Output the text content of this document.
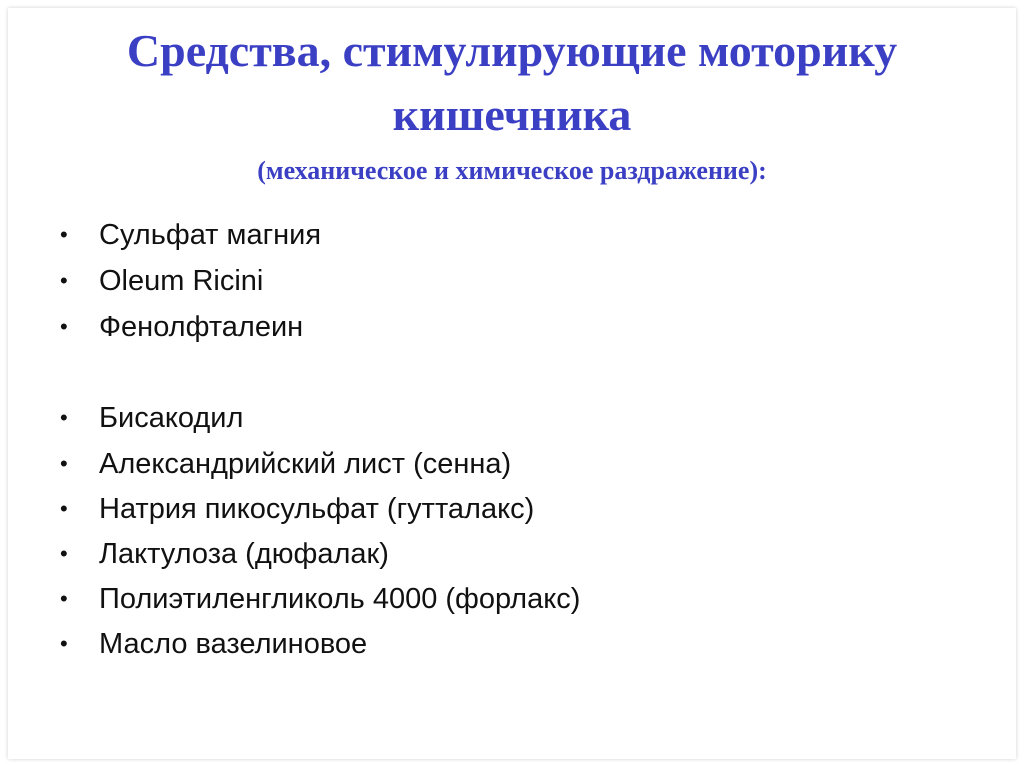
Средства, стимулирующие моторику
кишечника

(механическое и химическое раздражение):

• Сульфат магния
• Oleum Ricini
• Фенолфталеин
• Бисакодил
• Александрийский лист (сенна)
• Натрия пикосульфат (гутталакс)
• Лактулоза (дюфалак)
• Полиэтиленгликоль 4000 (форлакс)
• Масло вазелиновое
